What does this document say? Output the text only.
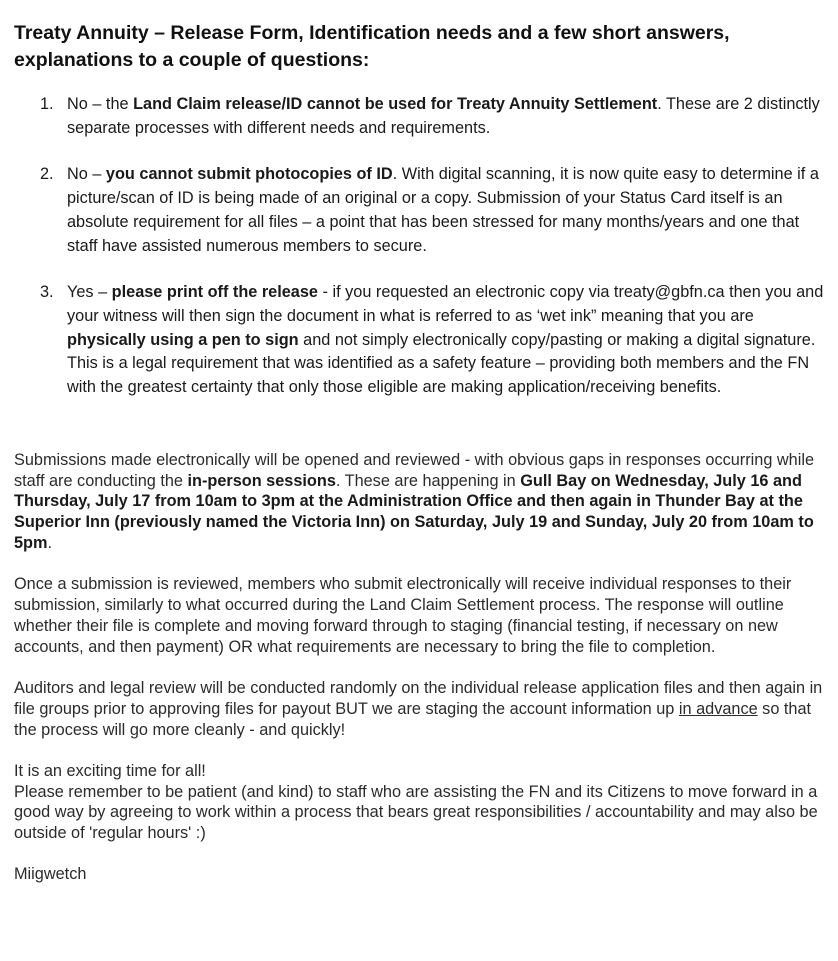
Treaty Annuity – Release Form, Identification needs and a few short answers, explanations to a couple of questions:
1. No – the Land Claim release/ID cannot be used for Treaty Annuity Settlement. These are 2 distinctly separate processes with different needs and requirements.
2. No – you cannot submit photocopies of ID. With digital scanning, it is now quite easy to determine if a picture/scan of ID is being made of an original or a copy. Submission of your Status Card itself is an absolute requirement for all files – a point that has been stressed for many months/years and one that staff have assisted numerous members to secure.
3. Yes – please print off the release - if you requested an electronic copy via treaty@gbfn.ca then you and your witness will then sign the document in what is referred to as ‘wet ink” meaning that you are physically using a pen to sign and not simply electronically copy/pasting or making a digital signature. This is a legal requirement that was identified as a safety feature – providing both members and the FN with the greatest certainty that only those eligible are making application/receiving benefits.

Submissions made electronically will be opened and reviewed - with obvious gaps in responses occurring while staff are conducting the in-person sessions. These are happening in Gull Bay on Wednesday, July 16 and Thursday, July 17 from 10am to 3pm at the Administration Office and then again in Thunder Bay at the Superior Inn (previously named the Victoria Inn) on Saturday, July 19 and Sunday, July 20 from 10am to 5pm.

Once a submission is reviewed, members who submit electronically will receive individual responses to their submission, similarly to what occurred during the Land Claim Settlement process. The response will outline whether their file is complete and moving forward through to staging (financial testing, if necessary on new accounts, and then payment) OR what requirements are necessary to bring the file to completion.

Auditors and legal review will be conducted randomly on the individual release application files and then again in file groups prior to approving files for payout BUT we are staging the account information up in advance so that the process will go more cleanly - and quickly!

It is an exciting time for all!
Please remember to be patient (and kind) to staff who are assisting the FN and its Citizens to move forward in a good way by agreeing to work within a process that bears great responsibilities / accountability and may also be outside of 'regular hours' :)

Miigwetch
